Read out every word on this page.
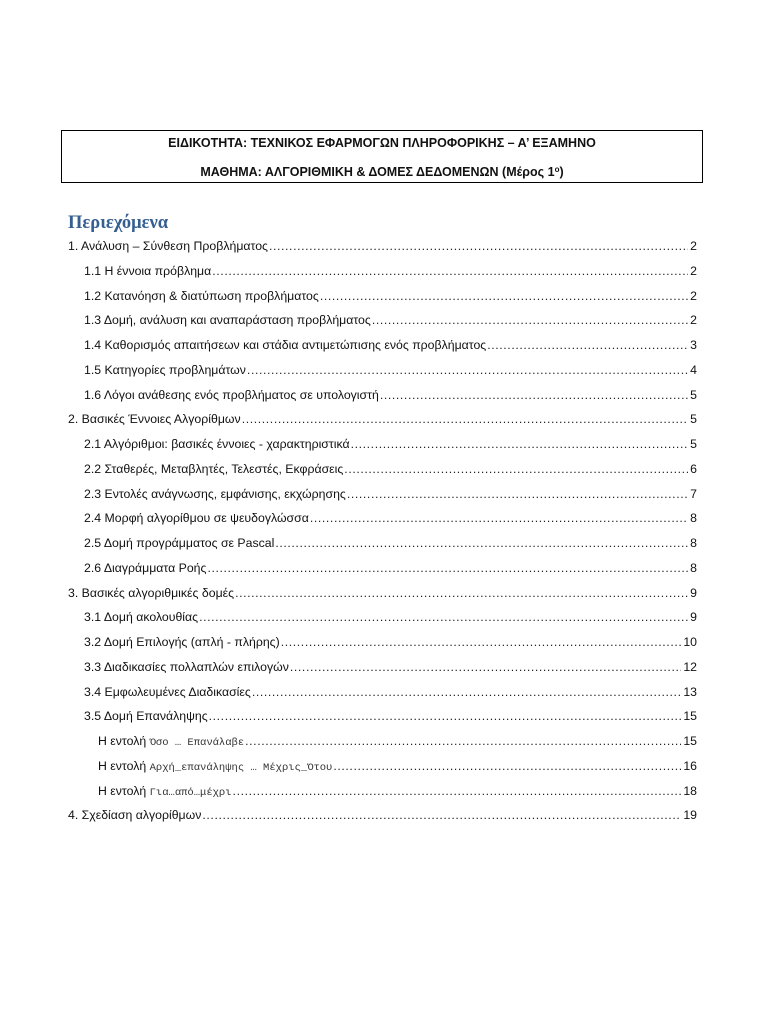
ΕΙΔΙΚΟΤΗΤΑ: ΤΕΧΝΙΚΟΣ ΕΦΑΡΜΟΓΩΝ ΠΛΗΡΟΦΟΡΙΚΗΣ – Α’ ΕΞΑΜΗΝΟ
ΜΑΘΗΜΑ: ΑΛΓΟΡΙΘΜΙΚΗ & ΔΟΜΕΣ ΔΕΔΟΜΕΝΩΝ (Μέρος $1^o$)
Περιεχόμενα
1. Ανάλυση – Σύνθεση Προβλήματος .....	2
1.1 Η έννοια πρόβλημα .....	2
1.2 Κατανόηση & διατύπωση προβλήματος .....	2
1.3 Δομή, ανάλυση και αναπαράσταση προβλήματος .....	2
1.4 Καθορισμός απαιτήσεων και στάδια αντιμετώπισης ενός προβλήματος .....	3
1.5 Κατηγορίες προβλημάτων .....	4
1.6 Λόγοι ανάθεσης ενός προβλήματος σε υπολογιστή .....	5
2. Βασικές Έννοιες Αλγορίθμων .....	5
2.1 Αλγόριθμοι: βασικές έννοιες - χαρακτηριστικά .....	5
2.2 Σταθερές, Μεταβλητές, Τελεστές, Εκφράσεις .....	6
2.3 Εντολές ανάγνωσης, εμφάνισης, εκχώρησης .....	7
2.4 Μορφή αλγορίθμου σε ψευδογλώσσα .....	8
2.5 Δομή προγράμματος σε Pascal .....	8
2.6 Διαγράμματα Ροής .....	8
3. Βασικές αλγοριθμικές δομές .....	9
3.1 Δομή ακολουθίας .....	9
3.2 Δομή Επιλογής (απλή - πλήρης) .....	10
3.3 Διαδικασίες πολλαπλών επιλογών .....	12
3.4 Εμφωλευμένες Διαδικασίες .....	13
3.5 Δομή Επανάληψης .....	15
Η εντολή Όσο … Επανάλαβε .....	15
Η εντολή Αρχή_επανάληψης … Μέχρις_Ότου .....	16
Η εντολή Για…από…μέχρι .....	18
4. Σχεδίαση αλγορίθμων .....	19
